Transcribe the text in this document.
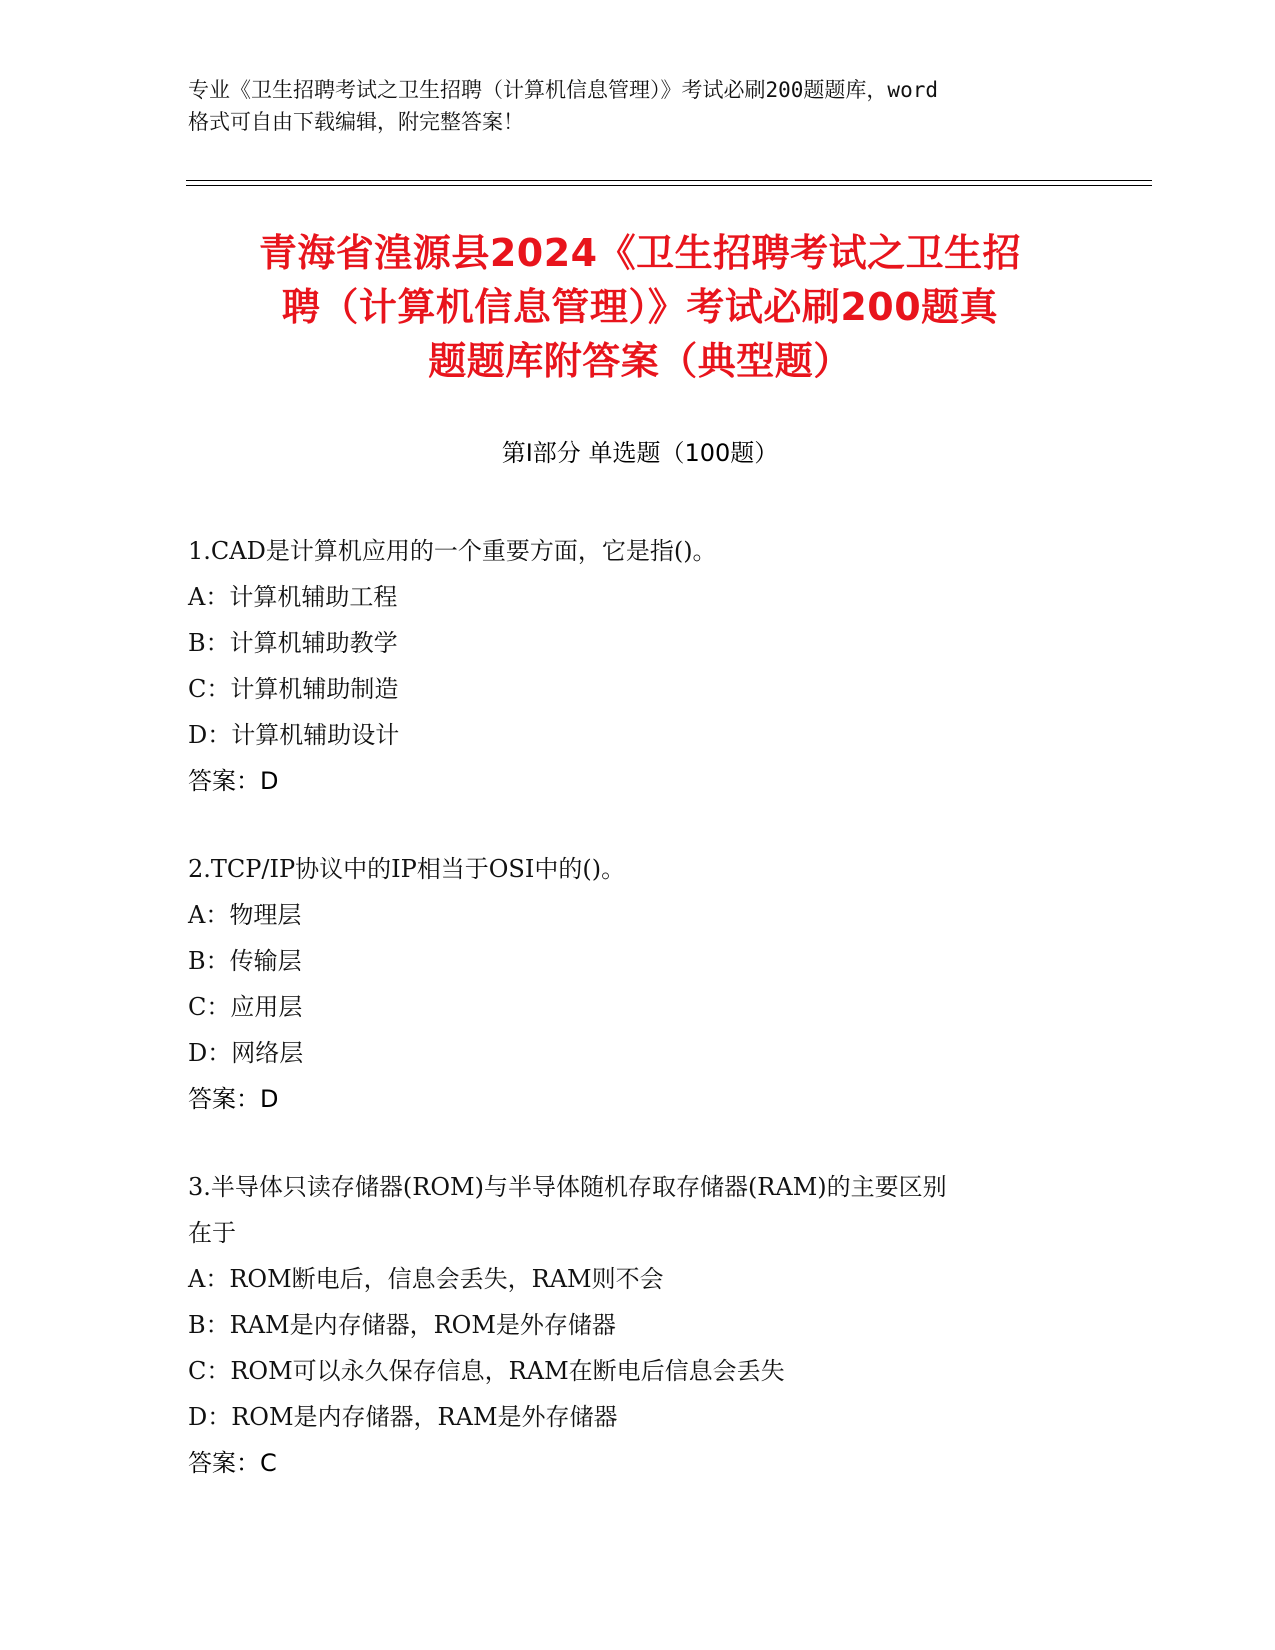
专业《卫生招聘考试之卫生招聘（计算机信息管理）》考试必刷200题题库，word
格式可自由下载编辑，附完整答案！
青海省湟源县2024《卫生招聘考试之卫生招
聘（计算机信息管理）》考试必刷200题真
题题库附答案（典型题）
第Ⅰ部分 单选题（100题）
1.CAD是计算机应用的一个重要方面，它是指()。
A：计算机辅助工程
B：计算机辅助教学
C：计算机辅助制造
D：计算机辅助设计
答案：D
2.TCP/IP协议中的IP相当于OSI中的()。
A：物理层
B：传输层
C：应用层
D：网络层
答案：D
3.半导体只读存储器(ROM)与半导体随机存取存储器(RAM)的主要区别
在于
A：ROM断电后，信息会丢失，RAM则不会
B：RAM是内存储器，ROM是外存储器
C：ROM可以永久保存信息，RAM在断电后信息会丢失
D：ROM是内存储器，RAM是外存储器
答案：C
